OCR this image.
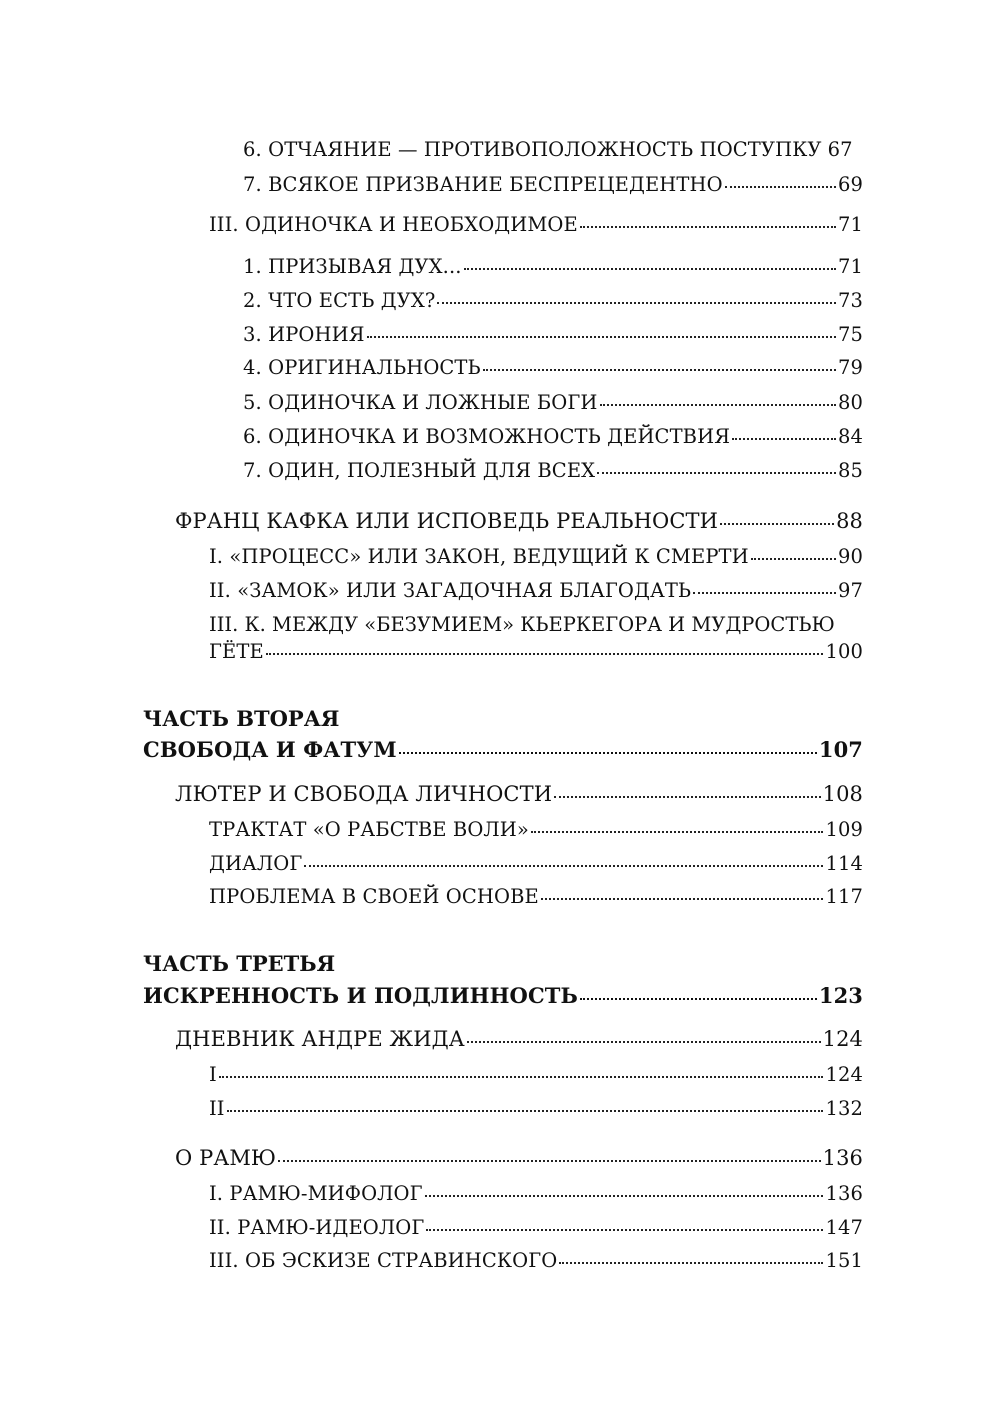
6. ОТЧАЯНИЕ — ПРОТИВОПОЛОЖНОСТЬ ПОСТУПКУ 67
7. ВСЯКОЕ ПРИЗВАНИЕ БЕСПРЕЦЕДЕНТНО	69
III. ОДИНОЧКА И НЕОБХОДИМОЕ	71
1. ПРИЗЫВАЯ ДУХ...	71
2. ЧТО ЕСТЬ ДУХ?	73
3. ИРОНИЯ	75
4. ОРИГИНАЛЬНОСТЬ	79
5. ОДИНОЧКА И ЛОЖНЫЕ БОГИ	80
6. ОДИНОЧКА И ВОЗМОЖНОСТЬ ДЕЙСТВИЯ	84
7. ОДИН, ПОЛЕЗНЫЙ ДЛЯ ВСЕХ	85
ФРАНЦ КАФКА ИЛИ ИСПОВЕДЬ РЕАЛЬНОСТИ	88
I. «ПРОЦЕСС» ИЛИ ЗАКОН, ВЕДУЩИЙ К СМЕРТИ	90
II. «ЗАМОК» ИЛИ ЗАГАДОЧНАЯ БЛАГОДАТЬ	97
III. К. МЕЖДУ «БЕЗУМИЕМ» КЬЕРКЕГОРА И МУДРОСТЬЮ
ГЁТЕ	100
ЧАСТЬ ВТОРАЯ
СВОБОДА И ФАТУМ	107
ЛЮТЕР И СВОБОДА ЛИЧНОСТИ	108
ТРАКТАТ «О РАБСТВЕ ВОЛИ»	109
ДИАЛОГ	114
ПРОБЛЕМА В СВОЕЙ ОСНОВЕ	117
ЧАСТЬ ТРЕТЬЯ
ИСКРЕННОСТЬ И ПОДЛИННОСТЬ	123
ДНЕВНИК АНДРЕ ЖИДА	124
I	124
II	132
О РАМЮ	136
I. РАМЮ-МИФОЛОГ	136
II. РАМЮ-ИДЕОЛОГ	147
III. ОБ ЭСКИЗЕ СТРАВИНСКОГО	151
